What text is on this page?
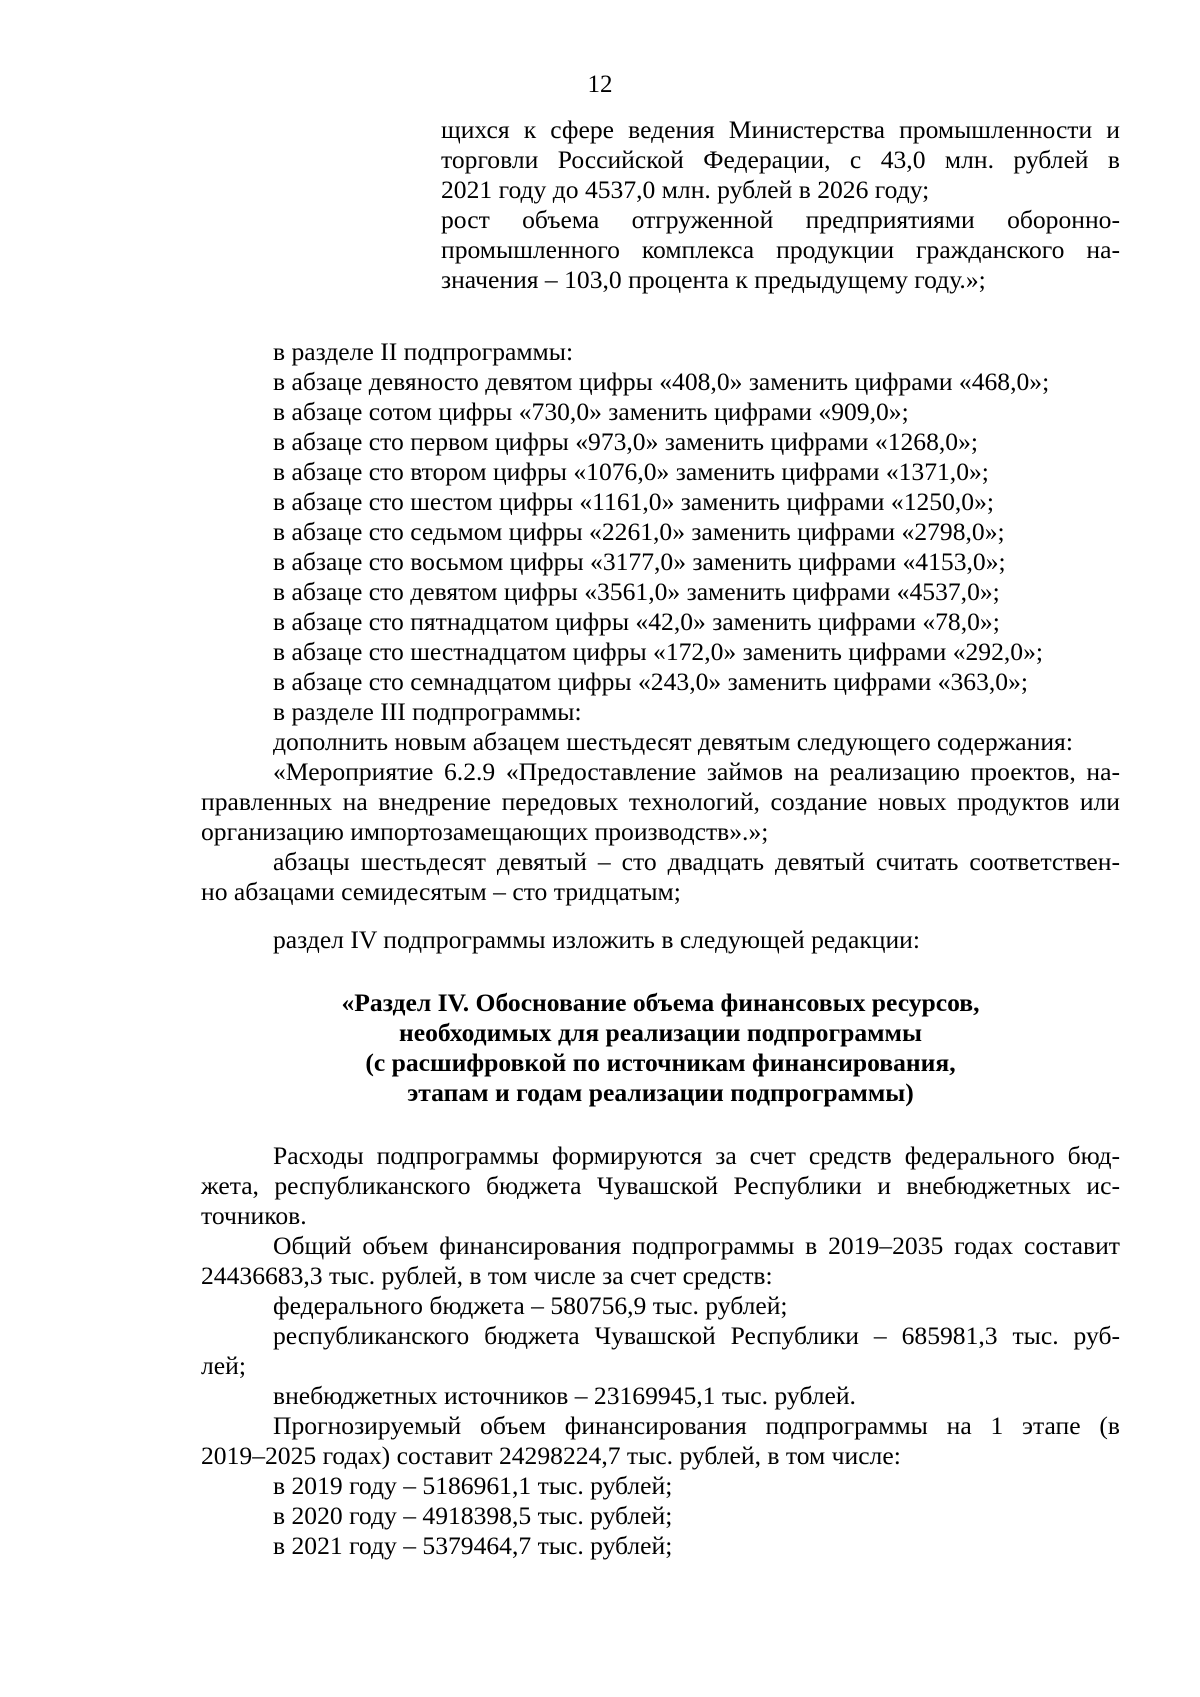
12

щихся к сфере ведения Министерства промышленности и

торговли Российской Федерации, с 43,0 млн. рублей в

2021 году до 4537,0 млн. рублей в 2026 году;

рост объема отгруженной предприятиями оборонно-

промышленного комплекса продукции гражданского на-

значения – 103,0 процента к предыдущему году.»;

в разделе II подпрограммы:

в абзаце девяносто девятом цифры «408,0» заменить цифрами «468,0»;

в абзаце сотом цифры «730,0» заменить цифрами «909,0»;

в абзаце сто первом цифры «973,0» заменить цифрами «1268,0»;

в абзаце сто втором цифры «1076,0» заменить цифрами «1371,0»;

в абзаце сто шестом цифры «1161,0» заменить цифрами «1250,0»;

в абзаце сто седьмом цифры «2261,0» заменить цифрами «2798,0»;

в абзаце сто восьмом цифры «3177,0» заменить цифрами «4153,0»;

в абзаце сто девятом цифры «3561,0» заменить цифрами «4537,0»;

в абзаце сто пятнадцатом цифры «42,0» заменить цифрами «78,0»;

в абзаце сто шестнадцатом цифры «172,0» заменить цифрами «292,0»;

в абзаце сто семнадцатом цифры «243,0» заменить цифрами «363,0»;

в разделе III подпрограммы:

дополнить новым абзацем шестьдесят девятым следующего содержания:

«Мероприятие 6.2.9 «Предоставление займов на реализацию проектов, на-

правленных на внедрение передовых технологий, создание новых продуктов или

организацию импортозамещающих производств».»;

абзацы шестьдесят девятый – сто двадцать девятый считать соответствен-

но абзацами семидесятым – сто тридцатым;

раздел IV подпрограммы изложить в следующей редакции:

«Раздел IV. Обоснование объема финансовых ресурсов,

необходимых для реализации подпрограммы

(с расшифровкой по источникам финансирования,

этапам и годам реализации подпрограммы)

Расходы подпрограммы формируются за счет средств федерального бюд-

жета, республиканского бюджета Чувашской Республики и внебюджетных ис-

точников.

Общий объем финансирования подпрограммы в 2019–2035 годах составит

24436683,3 тыс. рублей, в том числе за счет средств:

федерального бюджета – 580756,9 тыс. рублей;

республиканского бюджета Чувашской Республики – 685981,3 тыс. руб-

лей;

внебюджетных источников – 23169945,1 тыс. рублей.

Прогнозируемый объем финансирования подпрограммы на 1 этапе (в

2019–2025 годах) составит 24298224,7 тыс. рублей, в том числе:

в 2019 году – 5186961,1 тыс. рублей;

в 2020 году – 4918398,5 тыс. рублей;

в 2021 году – 5379464,7 тыс. рублей;
